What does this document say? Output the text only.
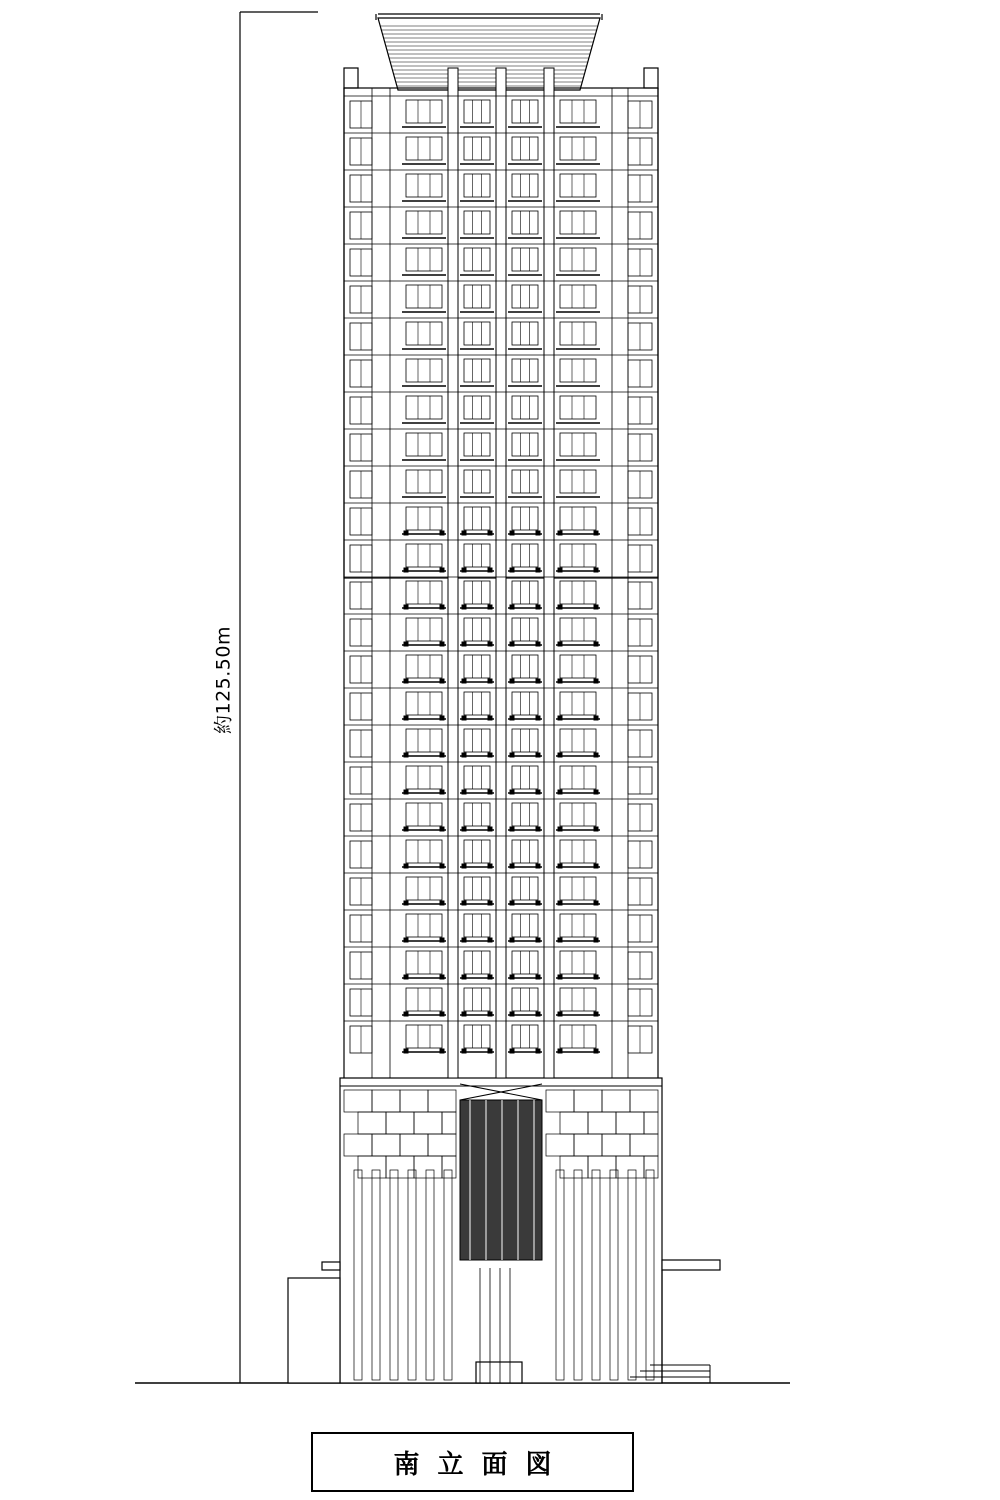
約125.50m
南立面図
